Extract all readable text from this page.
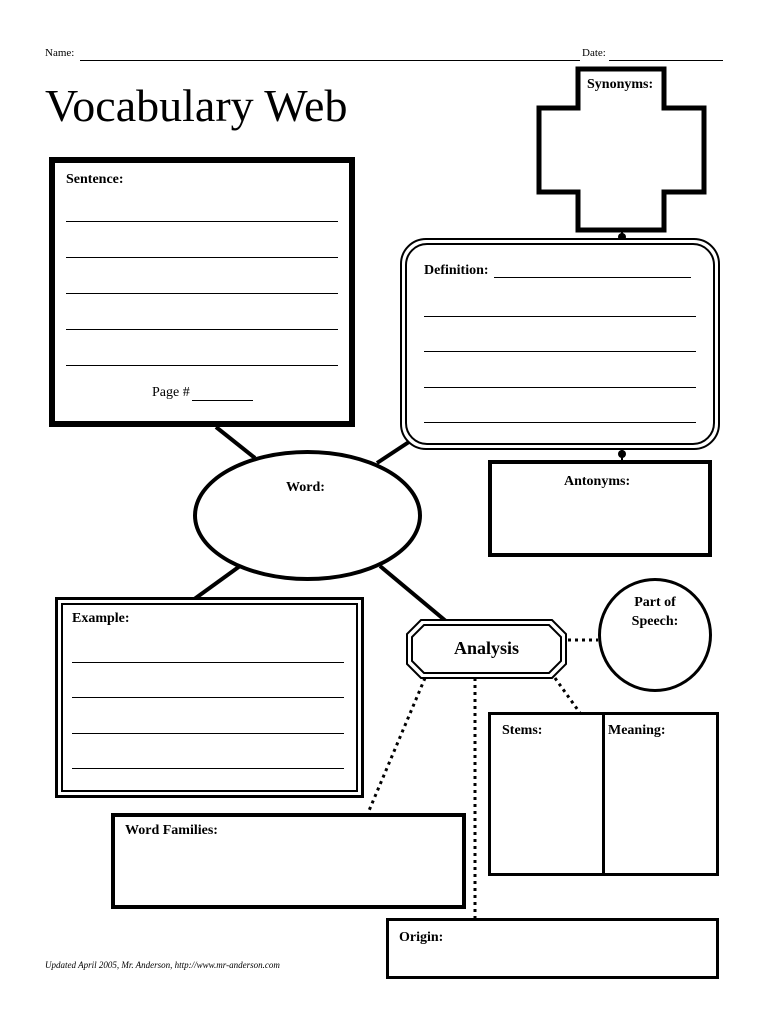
Name:	Date:
Vocabulary Web
Sentence:
Page #
Synonyms:
Definition:
Antonyms:
Word:
Example:
Analysis
Part of
Speech:
Stems:	Meaning:
Word Families:
Origin:
Updated April 2005, Mr. Anderson, http://www.mr-anderson.com
